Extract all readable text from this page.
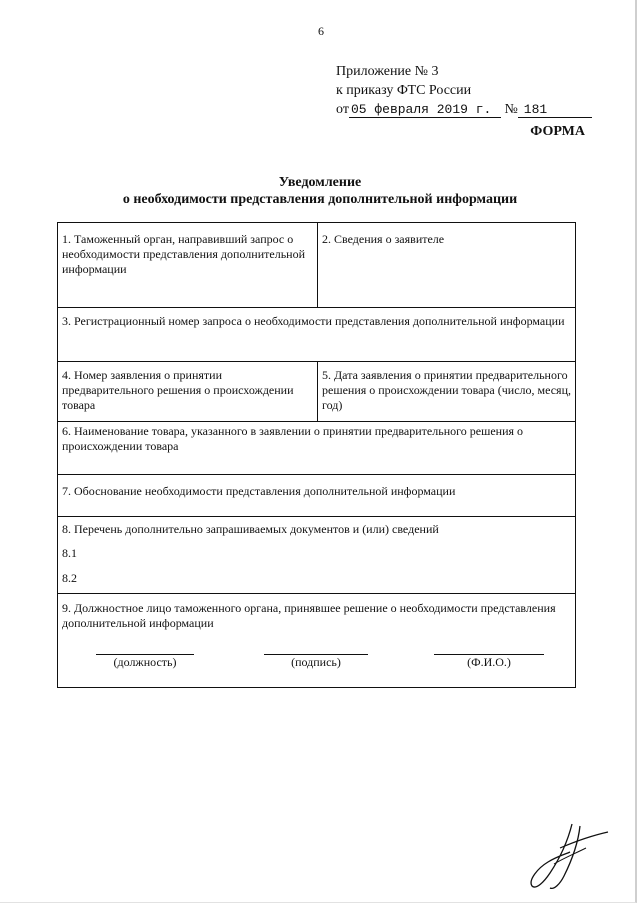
6
Приложение № 3
к приказу ФТС России
от 05 февраля 2019 г. № 181
ФОРМА
Уведомление
о необходимости представления дополнительной информации
1. Таможенный орган, направивший запрос о необходимости представления дополнительной информации
2. Сведения о заявителе
3. Регистрационный номер запроса о необходимости представления дополнительной информации
4. Номер заявления о принятии предварительного решения о происхождении товара
5. Дата заявления о принятии предварительного решения о происхождении товара (число, месяц, год)
6. Наименование товара, указанного в заявлении о принятии предварительного решения о происхождении товара
7. Обоснование необходимости представления дополнительной информации
8. Перечень дополнительно запрашиваемых документов и (или) сведений
8.1
8.2
9. Должностное лицо таможенного органа, принявшее решение о необходимости представления дополнительной информации
(должность)	(подпись)	(Ф.И.О.)
